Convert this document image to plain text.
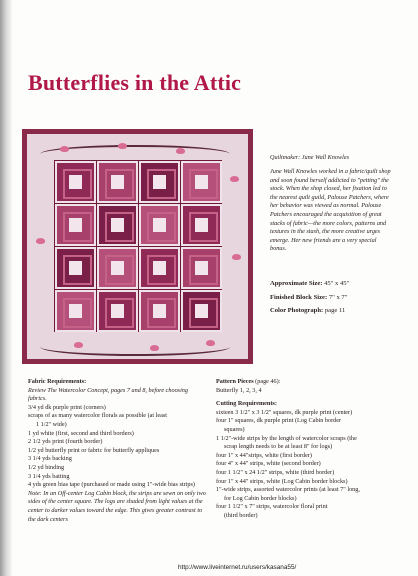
Butterflies in the Attic
Quiltmaker: June Wall Knowles
June Wall Knowles worked in a fabric/quilt shop and soon found herself addicted to "petting" the stock. When the shop closed, her fixation led to the nearest quilt guild, Palouse Patchers, where her behavior was viewed as normal. Palouse Patchers encouraged the acquisition of great stacks of fabric—the more colors, patterns and textures in the stash, the more creative urges emerge. Her new friends are a very special bonus.
Approximate Size: 45" x 45"
Finished Block Size: 7" x 7"
Color Photograph: page 11
Fabric Requirements:
Review The Watercolor Concept, pages 7 and 8, before choosing fabrics.
3/4 yd dk purple print (corners)
scraps of as many watercolor florals as possible (at least
1 1/2" wide)
1 yd white (first, second and third borders)
2 1/2 yds print (fourth border)
1/2 yd butterfly print or fabric for butterfly appliques
3 1/4 yds backing
1/2 yd binding
3 1/4 yds batting
4 yds green bias tape (purchased or made using 1"-wide bias strips)
Note: In an Off-center Log Cabin block, the strips are sewn on only two sides of the center square. The logs are shaded from light values at the center to darker values toward the edge. This gives greater contrast to the dark centers
Pattern Pieces (page 46):
Butterfly 1, 2, 3, 4
Cutting Requirements:
sixteen 3 1/2" x 3 1/2" squares, dk purple print (center)
four 1" squares, dk purple print (Log Cabin border
squares)
1 1/2"-wide strips by the length of watercolor scraps (the
scrap length needs to be at least 8" for logs)
four 1" x 44"strips, white (first border)
four 4" x 44" strips, white (second border)
four 1 1/2" x 24 1/2" strips, white (third border)
four 1" x 44" strips, white (Log Cabin border blocks)
1"-wide strips, assorted watercolor prints (at least 7" long,
for Log Cabin border blocks)
four 1 1/2" x 7" strips, watercolor floral print
(third border)
http://www.liveinternet.ru/users/kasana55/
